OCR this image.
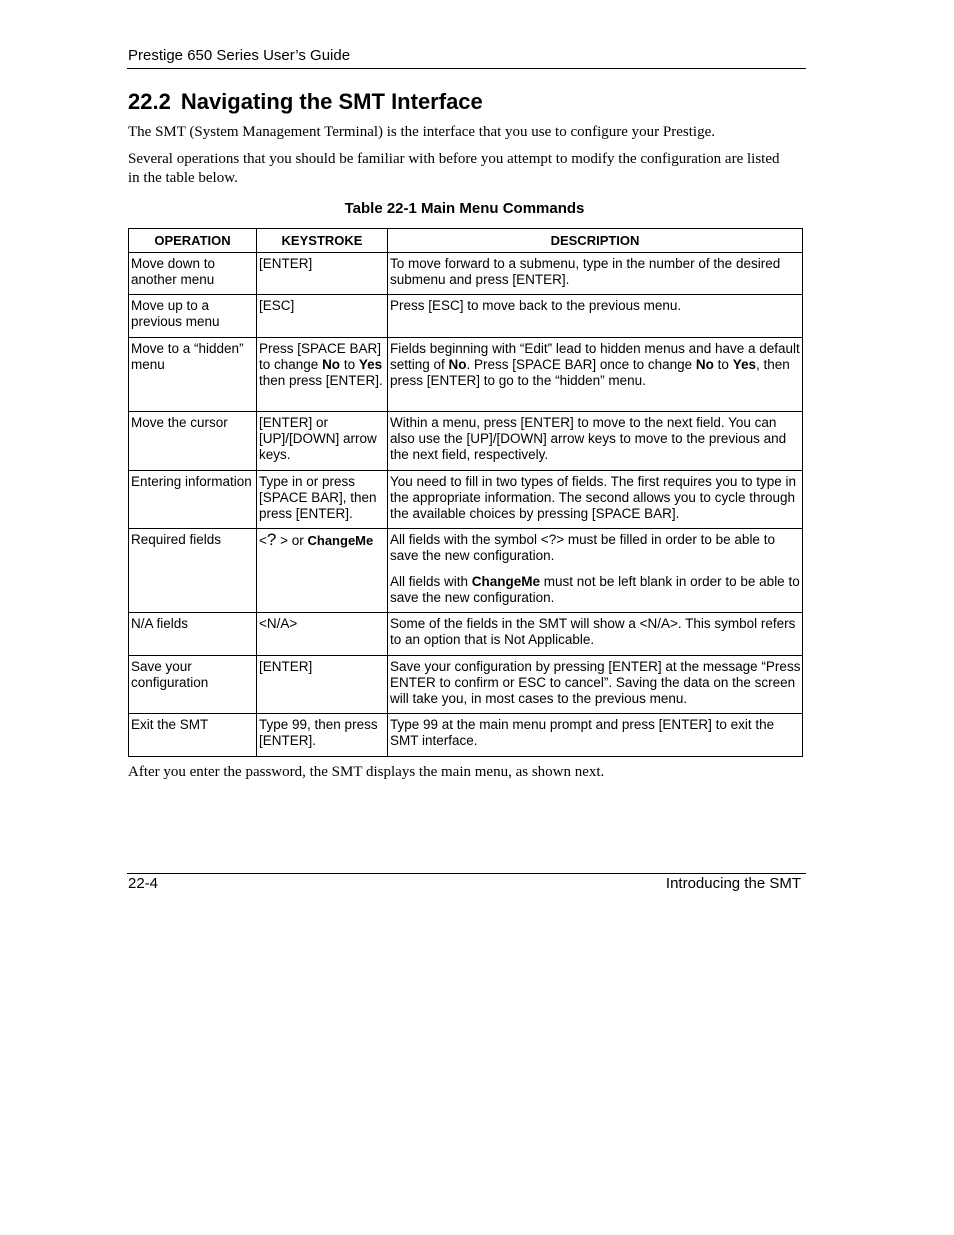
Prestige 650 Series User’s Guide
22.2 Navigating the SMT Interface

The SMT (System Management Terminal) is the interface that you use to configure your Prestige.

Several operations that you should be familiar with before you attempt to modify the configuration are listed in the table below.

Table 22-1 Main Menu Commands
OPERATION	KEYSTROKE	DESCRIPTION
Move down to another menu	[ENTER]	To move forward to a submenu, type in the number of the desired submenu and press [ENTER].
Move up to a previous menu	[ESC]	Press [ESC] to move back to the previous menu.
Move to a “hidden” menu	Press [SPACE BAR] to change No to Yes then press [ENTER].	Fields beginning with “Edit” lead to hidden menus and have a default setting of No. Press [SPACE BAR] once to change No to Yes, then press [ENTER] to go to the “hidden” menu.
Move the cursor	[ENTER] or [UP]/[DOWN] arrow keys.	Within a menu, press [ENTER] to move to the next field. You can also use the [UP]/[DOWN] arrow keys to move to the previous and the next field, respectively.
Entering information	Type in or press [SPACE BAR], then press [ENTER].	You need to fill in two types of fields. The first requires you to type in the appropriate information. The second allows you to cycle through the available choices by pressing [SPACE BAR].
Required fields	<? > or ChangeMe	All fields with the symbol <?> must be filled in order to be able to save the new configuration.

All fields with ChangeMe must not be left blank in order to be able to save the new configuration.

N/A fields	<N/A>	Some of the fields in the SMT will show a <N/A>. This symbol refers to an option that is Not Applicable.
Save your configuration	[ENTER]	Save your configuration by pressing [ENTER] at the message “Press ENTER to confirm or ESC to cancel”. Saving the data on the screen will take you, in most cases to the previous menu.
Exit the SMT	Type 99, then press [ENTER].	Type 99 at the main menu prompt and press [ENTER] to exit the SMT interface.

After you enter the password, the SMT displays the main menu, as shown next.

22-4	Introducing the SMT
